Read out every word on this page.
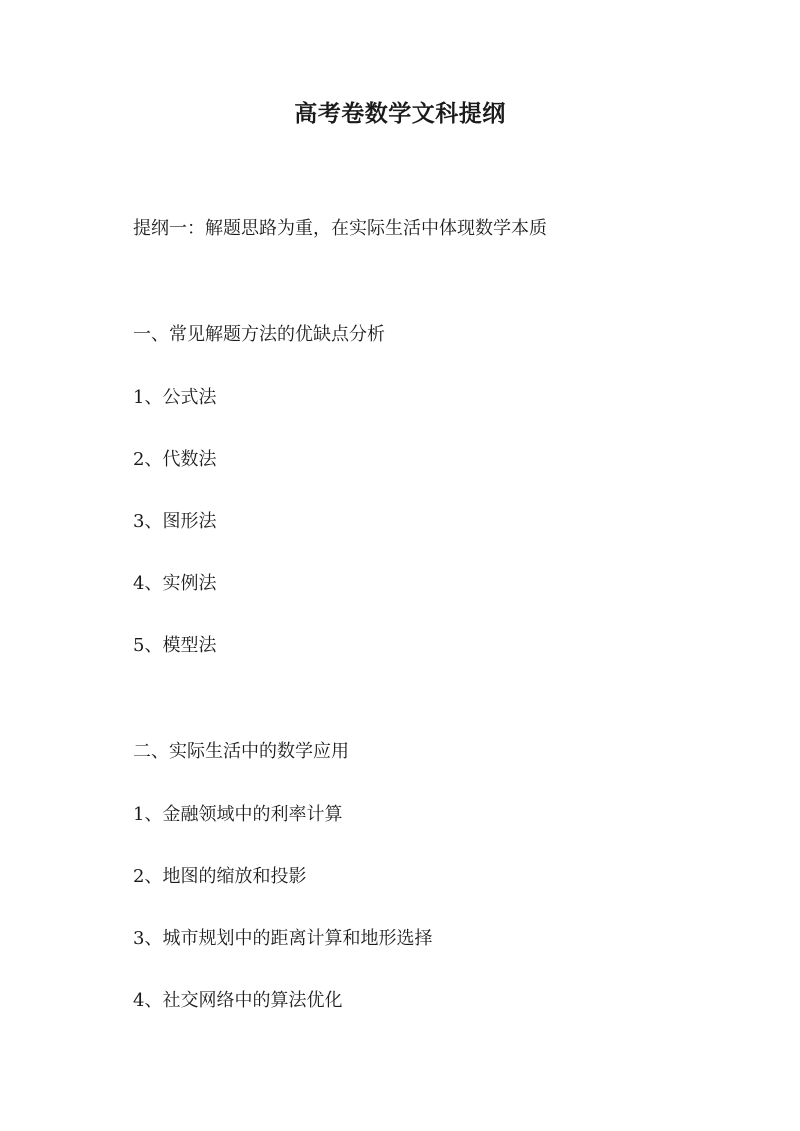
高考卷数学文科提纲
提纲一：解题思路为重，在实际生活中体现数学本质
一、常见解题方法的优缺点分析
1、公式法
2、代数法
3、图形法
4、实例法
5、模型法
二、实际生活中的数学应用
1、金融领域中的利率计算
2、地图的缩放和投影
3、城市规划中的距离计算和地形选择
4、社交网络中的算法优化
